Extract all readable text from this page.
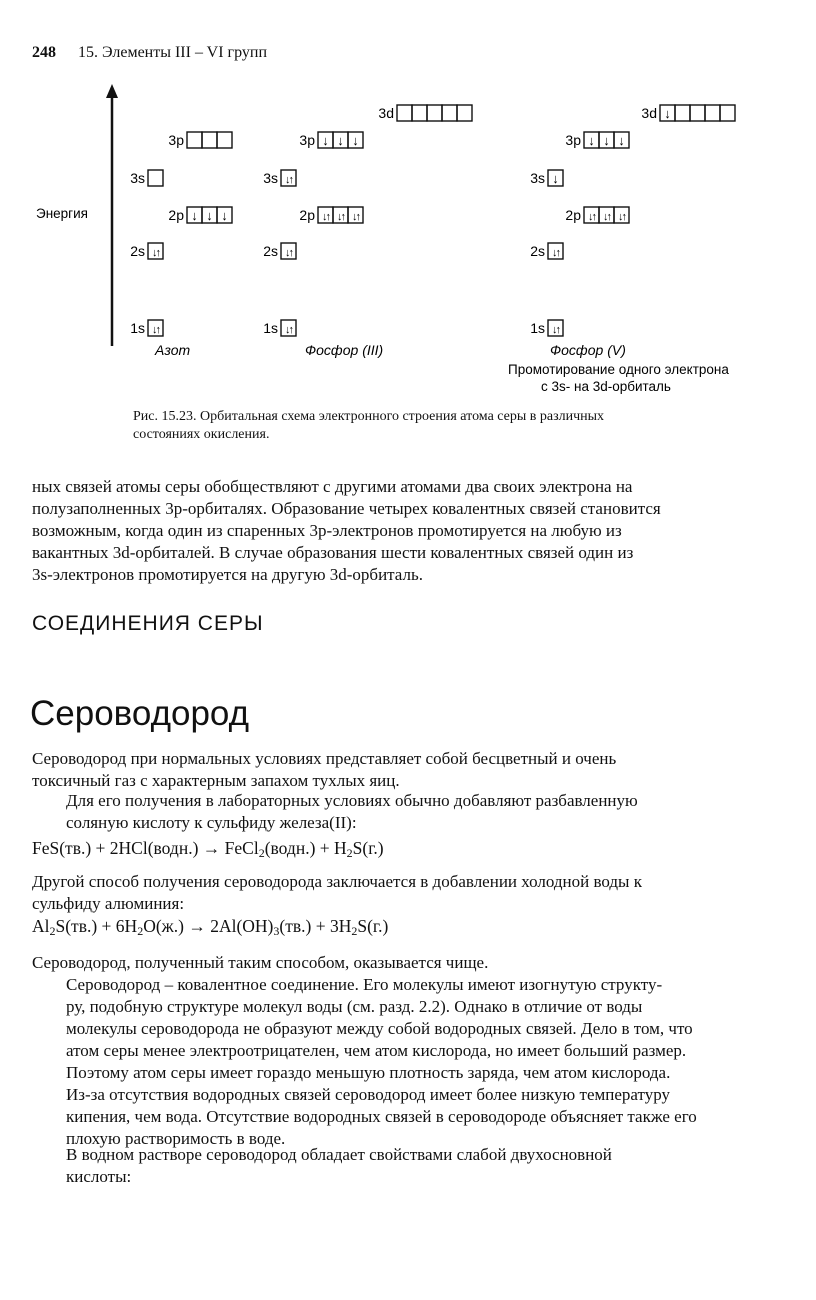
248 15. Элементы III – VI групп
Энергия
3p
3s
2p ↓ ↓ ↓
2s ↓↑
1s ↓↑
Азот
3d
3p ↓ ↓ ↓
3s ↓↑
2p ↓↑ ↓↑ ↓↑
2s ↓↑
1s ↓↑
Фосфор (III)
3d ↓
3p ↓ ↓ ↓
3s ↓
2p ↓↑ ↓↑ ↓↑
2s ↓↑
1s ↓↑
Фосфор (V)
Промотирование одного электрона
с 3s- на 3d-орбиталь
Рис. 15.23. Орбитальная схема электронного строения атома серы в различных
состояниях окисления.
ных связей атомы серы обобществляют с другими атомами два своих электрона на
полузаполненных 3p-орбиталях. Образование четырех ковалентных связей становится
возможным, когда один из спаренных 3p-электронов промотируется на любую из
вакантных 3d-орбиталей. В случае образования шести ковалентных связей один из
3s-электронов промотируется на другую 3d-орбиталь.
СОЕДИНЕНИЯ СЕРЫ
Сероводород
Сероводород при нормальных условиях представляет собой бесцветный и очень
токсичный газ с характерным запахом тухлых яиц.
Для его получения в лабораторных условиях обычно добавляют разбавленную
соляную кислоту к сульфиду железа(II):
FeS(тв.) + 2HCl(водн.) → FeCl$_2$(водн.) + $H_2S(г.)$
Другой способ получения сероводорода заключается в добавлении холодной воды к
сульфиду алюминия:
$Al_2S(тв.) + 6H_2O(ж.) \to 2Al(OH)_3(тв.) + 3H_2S(г.)$
Сероводород, полученный таким способом, оказывается чище.
Сероводород – ковалентное соединение. Его молекулы имеют изогнутую структу-
ру, подобную структуре молекул воды (см. разд. 2.2). Однако в отличие от воды
молекулы сероводорода не образуют между собой водородных связей. Дело в том, что
атом серы менее электроотрицателен, чем атом кислорода, но имеет больший размер.
Поэтому атом серы имеет гораздо меньшую плотность заряда, чем атом кислорода.
Из-за отсутствия водородных связей сероводород имеет более низкую температуру
кипения, чем вода. Отсутствие водородных связей в сероводороде объясняет также его
плохую растворимость в воде.
В водном растворе сероводород обладает свойствами слабой двухосновной
кислоты:
